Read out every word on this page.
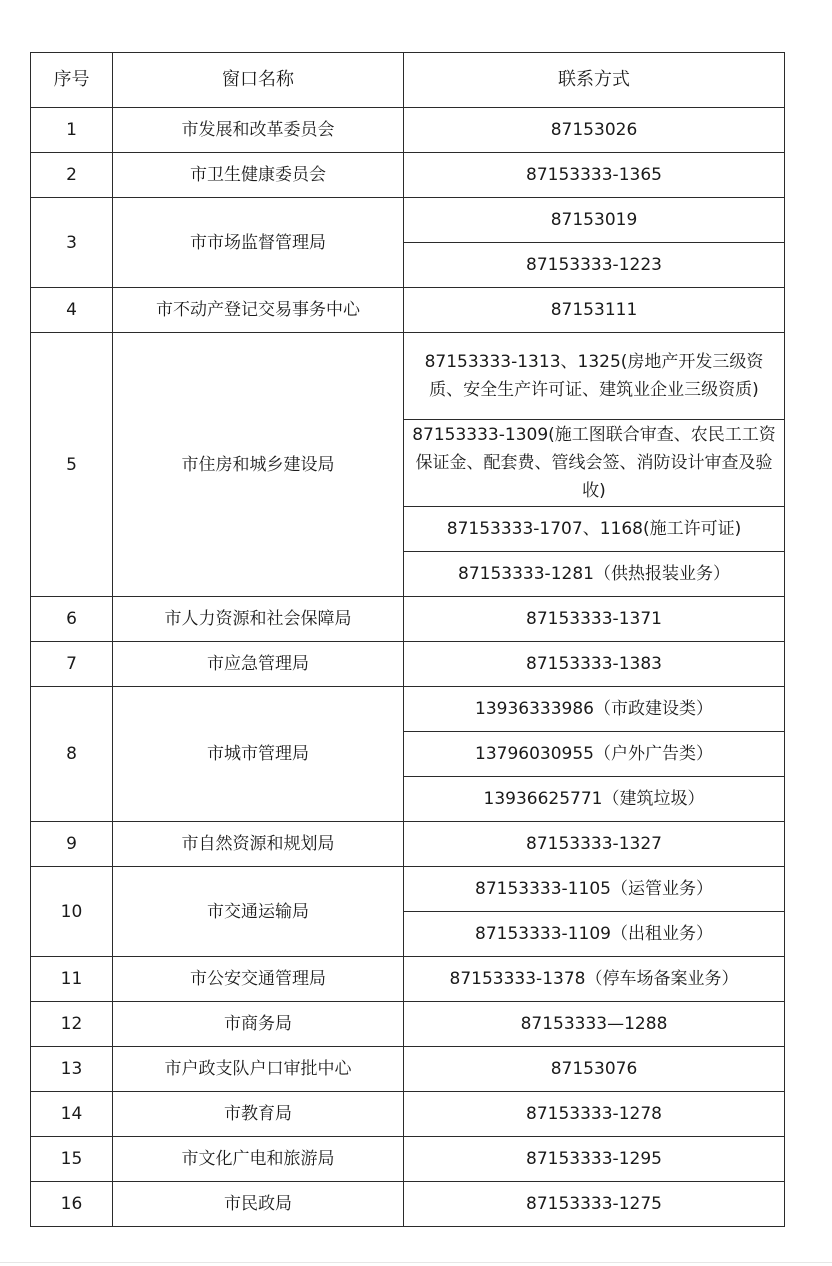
序号	窗口名称	联系方式
1	市发展和改革委员会	87153026
2	市卫生健康委员会	87153333-1365
3	市市场监督管理局	87153019
		87153333-1223
4	市不动产登记交易事务中心	87153111
5	市住房和城乡建设局	87153333-1313、1325(房地产开发三级资质、安全生产许可证、建筑业企业三级资质)
		87153333-1309(施工图联合审查、农民工工资保证金、配套费、管线会签、消防设计审查及验收)
		87153333-1707、1168(施工许可证)
		87153333-1281（供热报装业务）
6	市人力资源和社会保障局	87153333-1371
7	市应急管理局	87153333-1383
8	市城市管理局	13936333986（市政建设类）
		13796030955（户外广告类）
		13936625771（建筑垃圾）
9	市自然资源和规划局	87153333-1327
10	市交通运输局	87153333-1105（运管业务）
		87153333-1109（出租业务）
11	市公安交通管理局	87153333-1378（停车场备案业务）
12	市商务局	87153333—1288
13	市户政支队户口审批中心	87153076
14	市教育局	87153333-1278
15	市文化广电和旅游局	87153333-1295
16	市民政局	87153333-1275
